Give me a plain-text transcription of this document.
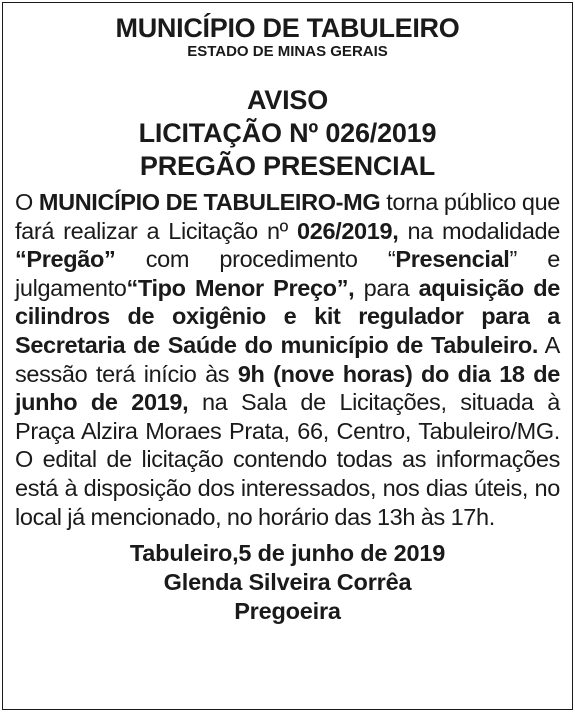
MUNICÍPIO DE TABULEIRO
ESTADO DE MINAS GERAIS
AVISO
LICITAÇÃO Nº 026/2019
PREGÃO PRESENCIAL
O MUNICÍPIO DE TABULEIRO-MG torna público que fará realizar a Licitação nº 026/2019, na modalidade “Pregão” com procedimento “Presencial” e julgamento“Tipo Menor Preço”, para aquisição de cilindros de oxigênio e kit regulador para a Secretaria de Saúde do município de Tabuleiro. A sessão terá início às 9h (nove horas) do dia 18 de junho de 2019, na Sala de Licitações, situada à Praça Alzira Moraes Prata, 66, Centro, Tabuleiro/MG. O edital de licitação contendo todas as informações está à disposição dos interessados, nos dias úteis, no local já mencionado, no horário das 13h às 17h.
Tabuleiro,5 de junho de 2019
Glenda Silveira Corrêa
Pregoeira
